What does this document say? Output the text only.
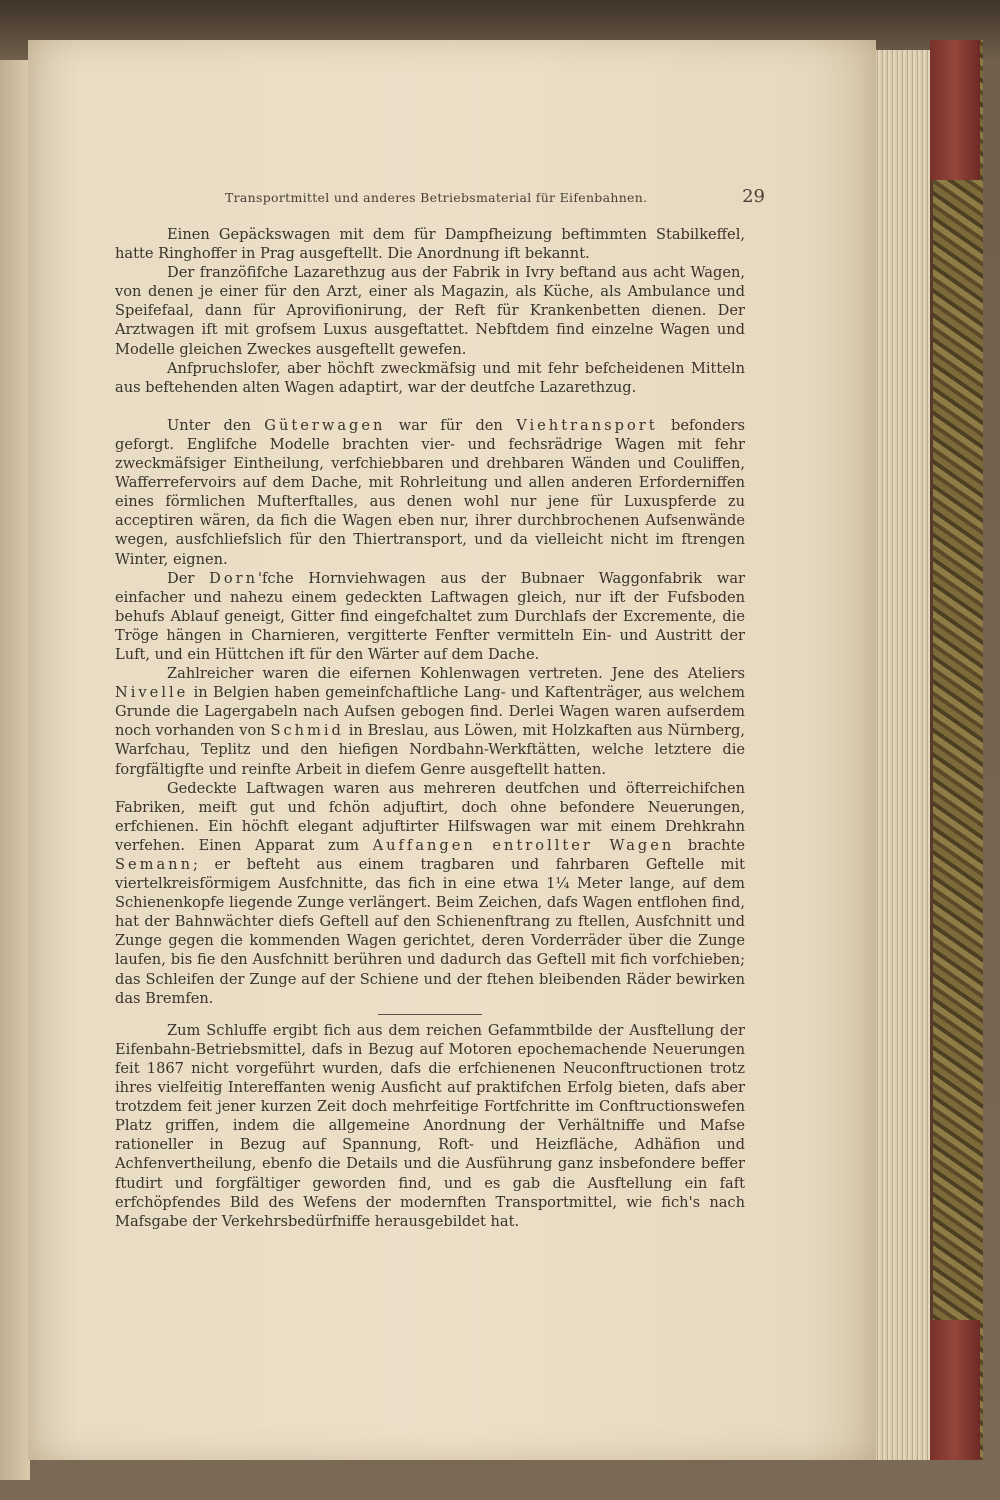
Transportmittel und anderes Betriebsmaterial für Eifenbahnen.	29

Einen Gepäckswagen mit dem für Dampfheizung beftimmten Stabilkeffel, hatte Ringhoffer in Prag ausgeftellt. Die Anordnung ift bekannt.

Der franzöfifche Lazarethzug aus der Fabrik in Ivry beftand aus acht Wagen, von denen je einer für den Arzt, einer als Magazin, als Küche, als Ambulance und Speifefaal, dann für Aprovifionirung, der Reft für Krankenbetten dienen. Der Arztwagen ift mit grofsem Luxus ausgeftattet. Nebftdem find einzelne Wagen und Modelle gleichen Zweckes ausgeftellt gewefen.

Anfpruchslofer, aber höchft zweckmäfsig und mit fehr befcheidenen Mitteln aus beftehenden alten Wagen adaptirt, war der deutfche Lazarethzug.

Unter den Güterwagen war für den Viehtransport befonders geforgt. Englifche Modelle brachten vier- und fechsrädrige Wagen mit fehr zweckmäfsiger Eintheilung, verfchiebbaren und drehbaren Wänden und Couliffen, Wafferrefervoirs auf dem Dache, mit Rohrleitung und allen anderen Erforderniffen eines förmlichen Mufterftalles, aus denen wohl nur jene für Luxuspferde zu acceptiren wären, da fich die Wagen eben nur, ihrer durchbrochenen Aufsenwände wegen, ausfchliefslich für den Thiertransport, und da vielleicht nicht im ftrengen Winter, eignen.

Der Dorn'fche Hornviehwagen aus der Bubnaer Waggonfabrik war einfacher und nahezu einem gedeckten Laftwagen gleich, nur ift der Fufsboden behufs Ablauf geneigt, Gitter find eingefchaltet zum Durchlafs der Excremente, die Tröge hängen in Charnieren, vergitterte Fenfter vermitteln Ein- und Austritt der Luft, und ein Hüttchen ift für den Wärter auf dem Dache.

Zahlreicher waren die eifernen Kohlenwagen vertreten. Jene des Ateliers Nivelle in Belgien haben gemeinfchaftliche Lang- und Kaftenträger, aus welchem Grunde die Lagergabeln nach Aufsen gebogen find. Derlei Wagen waren aufserdem noch vorhanden von Schmid in Breslau, aus Löwen, mit Holzkaften aus Nürnberg, Warfchau, Teplitz und den hiefigen Nordbahn-Werkftätten, welche letztere die forgfältigfte und reinfte Arbeit in diefem Genre ausgeftellt hatten.

Gedeckte Laftwagen waren aus mehreren deutfchen und öfterreichifchen Fabriken, meift gut und fchön adjuftirt, doch ohne befondere Neuerungen, erfchienen. Ein höchft elegant adjuftirter Hilfswagen war mit einem Drehkrahn verfehen. Einen Apparat zum Auffangen entrollter Wagen brachte Semann; er befteht aus einem tragbaren und fahrbaren Geftelle mit viertelkreisförmigem Ausfchnitte, das fich in eine etwa 1¼ Meter lange, auf dem Schienenkopfe liegende Zunge verlängert. Beim Zeichen, dafs Wagen entflohen find, hat der Bahnwächter diefs Geftell auf den Schienenftrang zu ftellen, Ausfchnitt und Zunge gegen die kommenden Wagen gerichtet, deren Vorderräder über die Zunge laufen, bis fie den Ausfchnitt berühren und dadurch das Geftell mit fich vorfchieben; das Schleifen der Zunge auf der Schiene und der ftehen bleibenden Räder bewirken das Bremfen.

Zum Schluffe ergibt fich aus dem reichen Gefammtbilde der Ausftellung der Eifenbahn-Betriebsmittel, dafs in Bezug auf Motoren epochemachende Neuerungen feit 1867 nicht vorgeführt wurden, dafs die erfchienenen Neuconftructionen trotz ihres vielfeitig Intereffanten wenig Ausficht auf praktifchen Erfolg bieten, dafs aber trotzdem feit jener kurzen Zeit doch mehrfeitige Fortfchritte im Conftructionswefen Platz griffen, indem die allgemeine Anordnung der Verhältniffe und Mafse rationeller in Bezug auf Spannung, Roft- und Heizfläche, Adhäfion und Achfenvertheilung, ebenfo die Details und die Ausführung ganz insbefondere beffer ftudirt und forgfältiger geworden find, und es gab die Ausftellung ein faft erfchöpfendes Bild des Wefens der modernften Transportmittel, wie fich's nach Mafsgabe der Verkehrsbedürfniffe herausgebildet hat.
